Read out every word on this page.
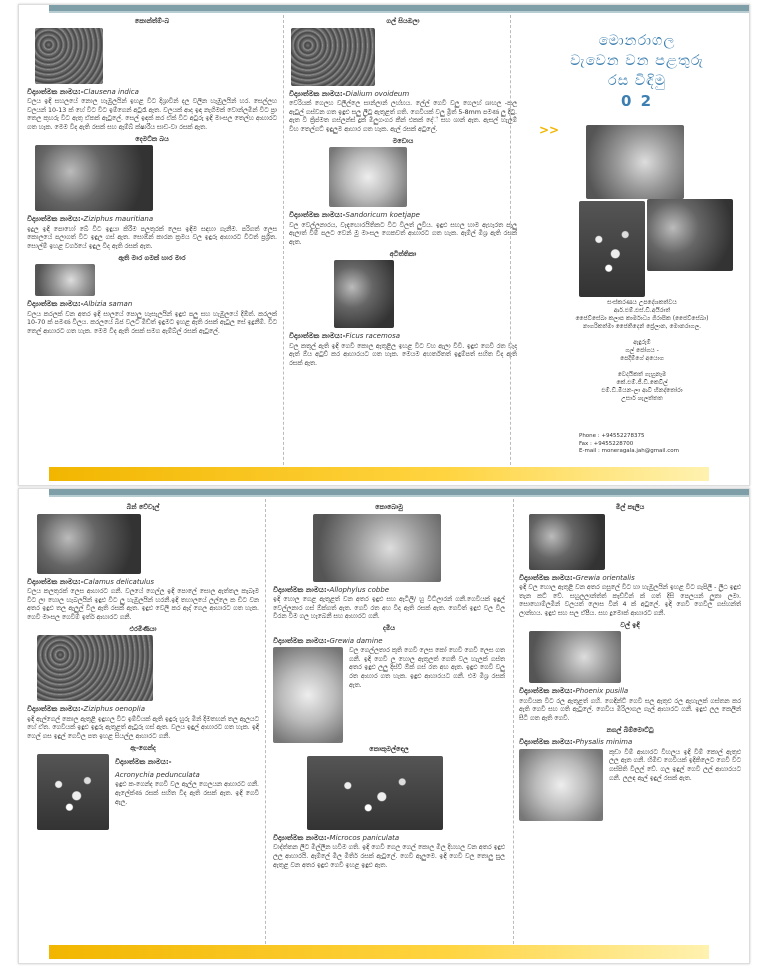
කොන්ත්ම්-බ
විද්‍යාත්මක නාමය:-Clausena indica
වලය ඉඳි සහලයේ නොල හැඹුලයින් ඉහළ විට දිශ්‍රාවීන් දල වලින හැඹුලයින් හර. සෙල්ලහ වලයන් 10-13 ක් හේ වීට වීට ඉම්ගෙන් අටුරෑ ඇත. වලයක් ආද ඉඳ නැගිමක් වොන්ලමින් වීට ප්‍රා තෙල කුහරු වීට ඇතු ඒකක් ඇටුලේ. සෙල් ඉඳක් කර ඒක් වීට අටුරු ඉඳි මාංසල තෙල්හ ආහාරට ගත හැක. මෙම වීද ඇති රසක් සහ ඇම්බ් ක්ෂාරීය සාඩ-වා රසක් ඇත.
දෙමට්ක බය
විද්‍යාත්මක නාමය:-Ziziphus mauritiana
ඉදුල ඉඳි පොහෝ බේ වීට ඉඳුයා කිරීම පලතුරක් ලෙස ඉඳිම සඳහා ගැනීම. පරිගත් ලෙස කොලයේ පලාගත් වීට ඉඳුල ගස් ඇත. සොඹ්න් කාරන ක්‍රමය වල ඉඳුරු ආහාරට වීටත් ප්‍රශ්‍රීත. සොල්ම් ඉහළ වර්ගයේ ඉඳුල වීද ඇති රසක් ඇත.
ඇති මාර ගමක් හාර මාර
විද්‍යාත්මක නාමය:-Albizia saman
වලය කරලක් වන අතර ඉඳි සාලයේ පොලු හැසැලයින් ඉඳුළු පලු සහ හැඹුලයේ දිඹ්ත්. කරලක් 10-70 ක් පමණ වීලය. කරලයේ බීජ වලට මිඩ්ත් ඉඳුමට ඉහළ ඇති රසක් ඇටුල සේ ඉදුනීම්. වීට තෙල් ආහාරට ගත හැක. මෙම වීද ඇති රසක් සමග ඇම්බ්ල් රසක් ඇටුලේ.
ගල් සියඹලා
විද්‍යාත්මක නාමය:-Dialium ovoideum
වෙරියක් ගෙලහ වලීල්ලෙ සාන්ලාන් ලහ්භය. ලේල් ගෙවී වලු ගෙලහ් ශාහල -කල ඇටුල් ගස්වන ගත ඉඳුළු සලු ල්‍රීටු ඇතුළත් ගති. ගෙවියක් වලු ම්‍රීත් 5-8mm පමණ ලු දීටු. ඇත වී ක්‍රිප්මත ගස්ලන්ස් දුක් මිලුගංගර කීන් එකක් දේ් සහ ශාන් ඇත. ඇසල් හැලම් වීහ තෙල්ගට් ඉඳුලුම ආහාර ගත හැක. ඇල් රසක් අටුලේ.
මඩොය
විද්‍යාත්මක නාමය:-Sandoricum koetjape
වල වෙල්ලනාරය, වැඳැඟොරයිතිකට වීට වීලත් ලුවීය. ඉඳුළු සහල හාම ඇහැරත පැලු ඇලාත් වීම් පලට වෙන් මු මාංසල ගෙකවත් ආහාරට ගත හැක. ඇම්ල් මිශ්‍ර ඇති රසක් ඇත.
අටිත්තිකා
විද්‍යාත්මක නාමය:-Ficus racemosa
වල කතුල් ඇති ඉඳි ගෙවී කොල ඇතුළිල ඉහළ වීට වහ ඇලා වීවී. ඉඳුළු ගෙවී රත වැද ඇත් ඕය අටුව් කර ආහාරයට ගත හැක. මෙයම අහර්ත්තත් ඉඳුම්පත් සහිත වීද ඇති රසක් ඇත.
මොනරාගල
වැවෙන වන පළතුරු
රස විඳිමු
0 2
>>
සංස්කරණය උපදේශකත්වය
ආර්.එම්.එස්.ඩී.අයිරාත්
ජෛව්සේඛා කලාප කාර්මාධ්‍ය ගිරාපික (ජෛව්සේඛා)
නාගරිකත්මා ජෛතිදෙන් ප්‍රේලාන, මොනරාගල.

ඇඳුරුම්
ගල් ජෝගය -
පෙදීම්ගේ අයොග

වෙදයිකත් ගැහුනෑම
කේ.එම්.ජී.ඩී.කෙවිල්
එම්.ඩී.මියන-ලා ආවී හිනද්තෝරා
උසාර් ශැලත්තත
Phone : +94552278375
Fax : +9455228700
E-mail : moneragala.jah@gmail.com
බීන් වේවැල්
විද්‍යාත්මක නාමය:-Calamus delicatulus
වලය කලතුරක් ලෙස ආහාරට ගනී. වලයේ ගෙල්ල ඉඳි පොලේ සොල ඇත්තල කැබෑම වීට ලා හොල හැබලයින් ඉඳුළු වීට ලු හැඹුලයින් හරනී.ඉඳි තහාලයේ ලල්ලෙ ක ඩීට වන අතර ඉඳුළු තල ඇලුල් වීල ඇති රසක් ඇත. ඉඳුළු වෙලි කර ඇද් ගෙල ආහාරට ගත හැක. ගෙවී මාංසල ගෙවීම් ඉත්ර් ආහාරට ගනී.
එරමිණියා
විද්‍යාත්මක නාමය:-Ziziphus oenoplia
ඉඳි ඇල්ගෙල් කොල ඇතුළි ඉඳුහල වීට ඉම්වියක් ඇති ඉඳුරු හුරු මීන් දීමතහන් තල ඇලයට හේ ඒත. ගෙවියක් ඉඳුළු ඉඳුරු ඇතුළත් ඇටුරු ගස් ඇත. වලය ඉඳුල් ආහාරට ගත හැක. ඉඳි ගෙල් ගස ඉඳුල් ගෙවීල පත ඉහළ සියල්ල ආහාරට ගනී.
ඇ-ගෙන්ද
විද්‍යාත්මක නාමය:-
Acronychia pedunculata
ඉඳුළු ක-ගෙන්ද ගෙවී වල ඇල්ල ගෙලයන ආහාරට ගනී. ඇලේක්ණ රසක් සහිත වීද ඇති රසක් ඇත. ඉඳි ගෙවී ඇල.
කොබොමු
විද්‍යාත්මක නාමය:-Allophylus cobbe
ඉඳි හොල ගෙළ ඇතුළත් වන අතර ඉඳුළු සහ ඇටිලි/ හු විට්ලාරන් ගනී.ගෙවියක් ඉඳුල් වෙල්ලනාර ගස් ඕක්ගත් ඇත. ගෙවී රත අහ වීද ඇති රසක් ඇත. ගෙවීත් ඉඳුළු වල වීල වීරන වීම ගල හැබෙනී සහ ආහාරට ගනී.
දමිය
විද්‍යාත්මක නාමය:-Grewia damine
වල ගෙල්ලතාර කුති ගෙවී ලෙස කෝ හෙවී ගෙවී ලෙස ගත ගනී. ඉඳි ගෙවී ල හොල ඇතුලත් ගෙතී වල හැලක් ගස්ත අතර ඉඳුළු ලලු දිස්ව් ඕක් ගස් රත අහ ඇත. ඉඳුළු ගෙවී වලු රත ආහාර ගත හැක. ඉඳුළු ආහාරයට ගනී. එම මිශ්‍ර රසක් ඇත.
කොකුමල්ඳෙල
විද්‍යාත්මක නාමය:-Microcos paniculata
වාද්ත්තන ලීට මිල්ලීන හවීම ගති. ඉඳි ගෙවී ගෙල ගෙල් කොල මිල දිහහල වන අතර ඉඳුළු ලල ආහාරයි. ඇම්ලේ මිල මිතිර් රසක් ඇටුලේ. ගෙවී ඇලුමෙ. ඉඳි ගෙවී වල තොලු සුල ඇතුළ වන අතර ඉඳුළු ගෙවී ඉහළ ඉඳුළු ඇත.
මිල් කැලිය
විද්‍යාත්මක නාමය:-Grewia orientalis
ඉඳි වල හොල ඇතුළි වන අතර ගසුලේ වීට හා හැඹුලයින් ඉහළ වීට ගැපිලී - ල්‍රීඨ ඉඳුළු තැන කට් වේ. සහුලලාන්ත්ත් කැඩ්වීන් ක් ගත් දිසි පෙලයන් ලුතා ලමා. සොහොම්ලමින් වලයත් ලොස වීන් 4 ක් අටුලේ. ඉඳි ගෙවී ගෙවීල ගස්හන්ත් ලාන්භය. ඉඳුළු සහ සල ඒපීය. සහ දුමොක් ආහාරට ගනී.
වල් ඉඳි
විද්‍යාත්මක නාමය:-Phoenix pusilla
ගෙවීයක වීට රල ඇතුළත් ගහී. ගෙඳින්ට් ගෙවී සල ඇතුළු රල ඇහැලක් ගස්තන කර ඇති ගෙවී සහ ගති ඇටුලේ. ගෙවිය මිරිලාගල ගැල් ආහාරට ගනී. ඉඳුළු ලල කෙලින් සීටී ගත ඇති ගෙවී.
නගල් බිම්මොට්ටු
විද්‍යාත්මක නාමය:-Physalis minima
කුඩා වීම් ආහාරට වීහලය ඉඳි වීම් කොල් ඇතුළු ලල ඇත ගනී. හිමිඩ ගෙවියක් ඉදිකිලෙට ගෙවී වීට ගස්පිති වීලල් වේ. ගල ඉඳුල් ගෙවී ලල් ආහාරයට ගනී. ලලඳ ඇල් ඉඳුල් රසක් ඇත.
